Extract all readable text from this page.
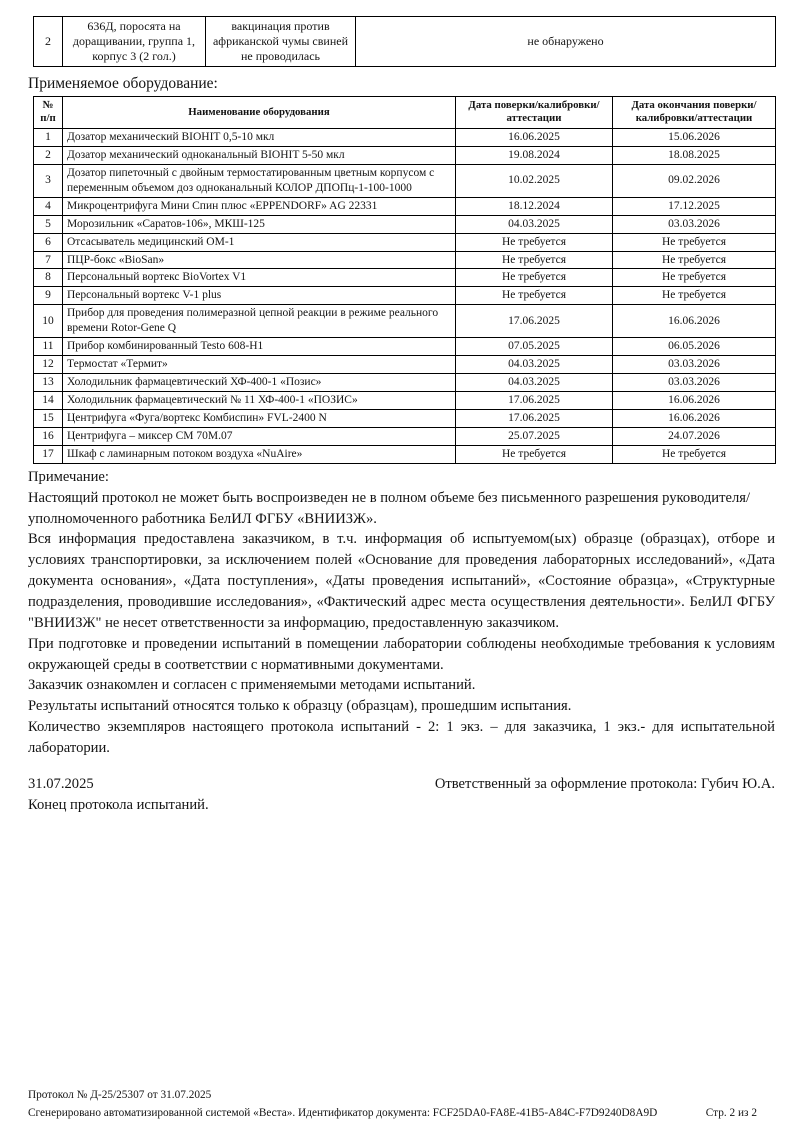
2	636Д, поросята на доращивании, группа 1, корпус 3 (2 гол.)	вакцинация против африканской чумы свиней не проводилась	не обнаружено
Применяемое оборудование:
№ п/п	Наименование оборудования	Дата поверки/калибровки/аттестации	Дата окончания поверки/калибровки/аттестации
1	Дозатор механический BIOHIT 0,5-10 мкл	16.06.2025	15.06.2026
2	Дозатор механический одноканальный BIOHIT 5-50 мкл	19.08.2024	18.08.2025
3	Дозатор пипеточный с двойным термостатированным цветным корпусом с переменным объемом доз одноканальный КОЛОР ДПОПц-1-100-1000	10.02.2025	09.02.2026
4	Микроцентрифуга Мини Спин плюс «EPPENDORF» AG 22331	18.12.2024	17.12.2025
5	Морозильник «Саратов-106», МКШ-125	04.03.2025	03.03.2026
6	Отсасыватель медицинский ОМ-1	Не требуется	Не требуется
7	ПЦР-бокс «BioSan»	Не требуется	Не требуется
8	Персональный вортекс BioVortex V1	Не требуется	Не требуется
9	Персональный вортекс V-1 plus	Не требуется	Не требуется
10	Прибор для проведения полимеразной цепной реакции в режиме реального времени Rotor-Gene Q	17.06.2025	16.06.2026
11	Прибор комбинированный Testo 608-H1	07.05.2025	06.05.2026
12	Термостат «Термит»	04.03.2025	03.03.2026
13	Холодильник фармацевтический ХФ-400-1 «Позис»	04.03.2025	03.03.2026
14	Холодильник фармацевтический № 11 ХФ-400-1 «ПОЗИС»	17.06.2025	16.06.2026
15	Центрифуга «Фуга/вортекс Комбиспин» FVL-2400 N	17.06.2025	16.06.2026
16	Центрифуга – миксер СМ 70М.07	25.07.2025	24.07.2026
17	Шкаф с ламинарным потоком воздуха «NuAire»	Не требуется	Не требуется

Примечание:

Настоящий протокол не может быть воспроизведен не в полном объеме без письменного разрешения руководителя/уполномоченного работника БелИЛ ФГБУ «ВНИИЗЖ».

Вся информация предоставлена заказчиком, в т.ч. информация об испытуемом(ых) образце (образцах), отборе и условиях транспортировки, за исключением полей «Основание для проведения лабораторных исследований», «Дата документа основания», «Дата поступления», «Даты проведения испытаний», «Состояние образца», «Структурные подразделения, проводившие исследования», «Фактический адрес места осуществления деятельности». БелИЛ ФГБУ "ВНИИЗЖ" не несет ответственности за информацию, предоставленную заказчиком.

При подготовке и проведении испытаний в помещении лаборатории соблюдены необходимые требования к условиям окружающей среды в соответствии с нормативными документами.

Заказчик ознакомлен и согласен с применяемыми методами испытаний.

Результаты испытаний относятся только к образцу (образцам), прошедшим испытания.

Количество экземпляров настоящего протокола испытаний - 2: 1 экз. – для заказчика, 1 экз.- для испытательной лаборатории.

31.07.2025	Ответственный за оформление протокола: Губич Ю.А.
Конец протокола испытаний.
Протокол № Д-25/25307 от 31.07.2025
Сгенерировано автоматизированной системой «Веста». Идентификатор документа: FCF25DA0-FA8E-41B5-A84C-F7D9240D8A9D	Стр. 2 из 2
